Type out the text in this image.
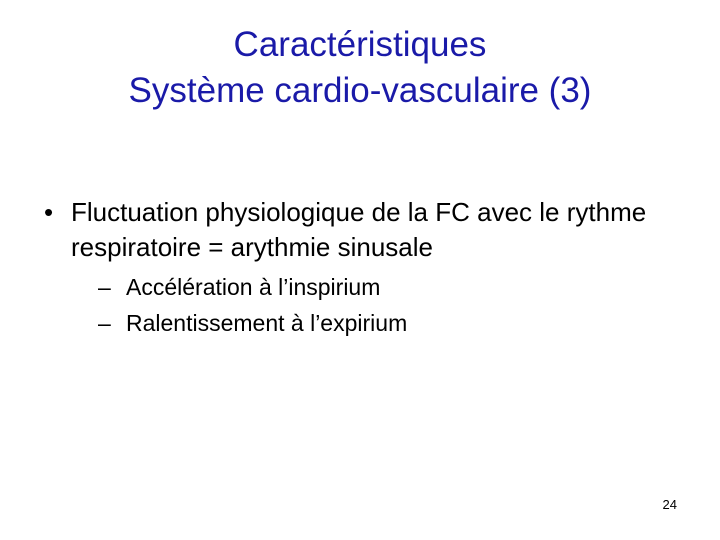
Caractéristiques
Système cardio-vasculaire (3)
• Fluctuation physiologique de la FC avec le rythme respiratoire = arythmie sinusale
– Accélération à l’inspirium
– Ralentissement à l’expirium
24
